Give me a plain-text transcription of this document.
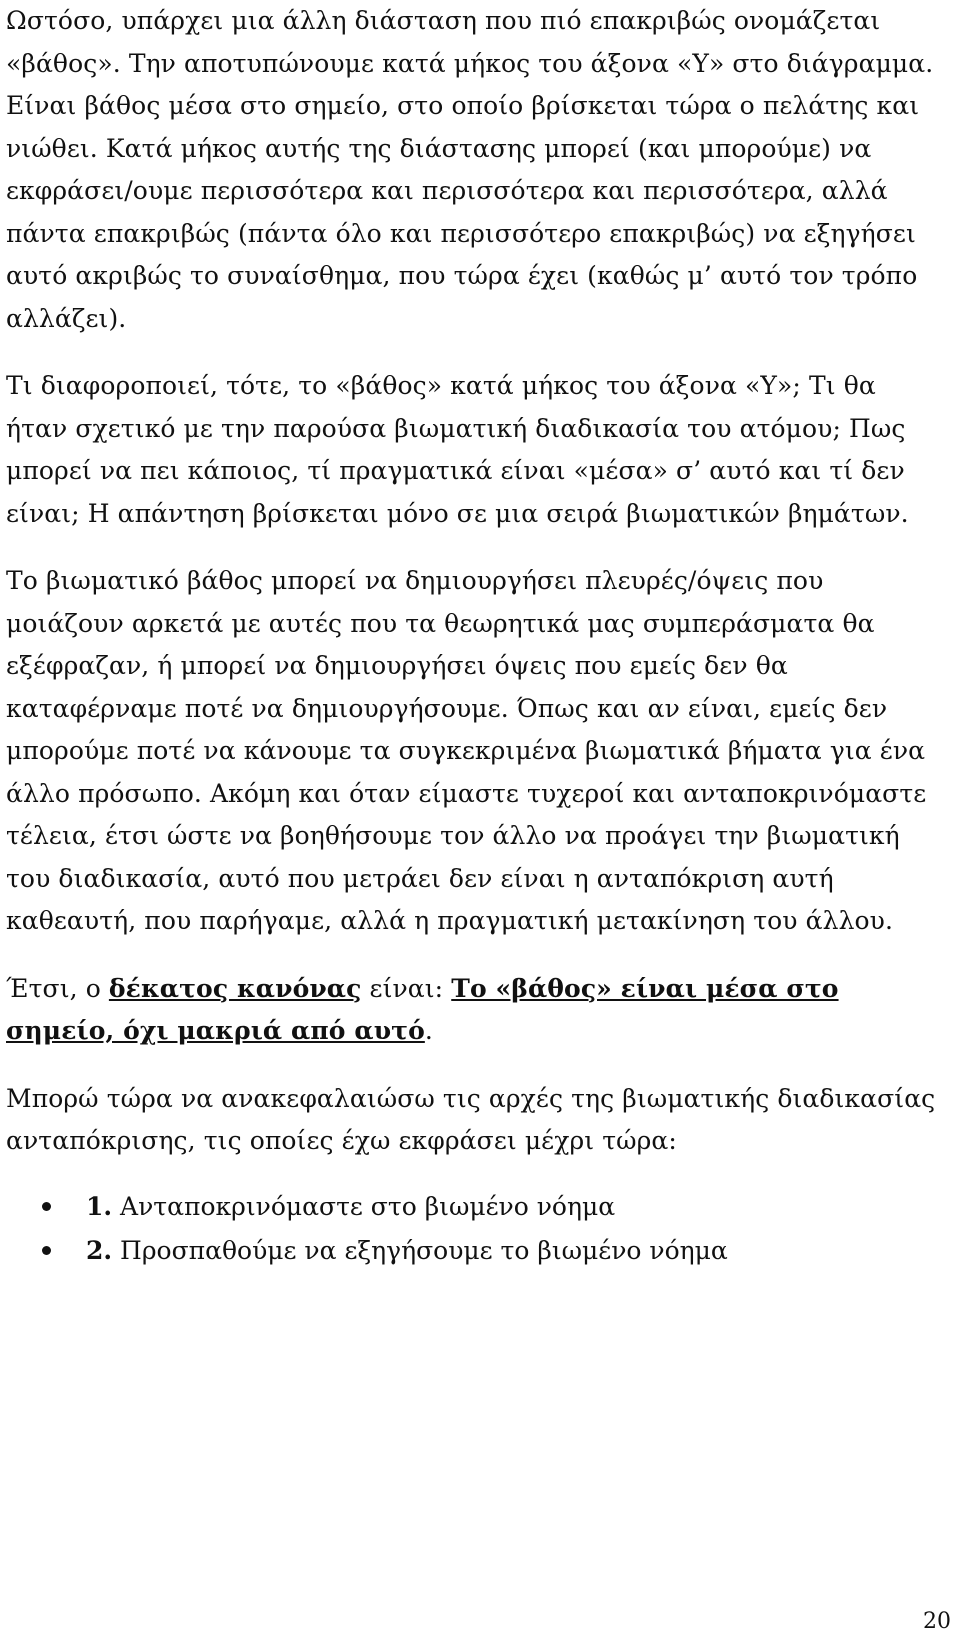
Ωστόσο, υπάρχει μια άλλη διάσταση που πιό επακριβώς ονομάζεται «βάθος». Την αποτυπώνουμε κατά μήκος του άξονα «Υ» στο διάγραμμα. Είναι βάθος μέσα στο σημείο, στο οποίο βρίσκεται τώρα ο πελάτης και νιώθει. Κατά μήκος αυτής της διάστασης μπορεί (και μπορούμε) να εκφράσει/ουμε περισσότερα και περισσότερα και περισσότερα, αλλά πάντα επακριβώς (πάντα όλο και περισσότερο επακριβώς) να εξηγήσει αυτό ακριβώς το συναίσθημα, που τώρα έχει (καθώς μ’ αυτό τον τρόπο αλλάζει).

Τι διαφοροποιεί, τότε, το «βάθος» κατά μήκος του άξονα «Υ»; Τι θα ήταν σχετικό με την παρούσα βιωματική διαδικασία του ατόμου; Πως μπορεί να πει κάποιος, τί πραγματικά είναι «μέσα» σ’ αυτό και τί δεν είναι; Η απάντηση βρίσκεται μόνο σε μια σειρά βιωματικών βημάτων.

Το βιωματικό βάθος μπορεί να δημιουργήσει πλευρές/όψεις που μοιάζουν αρκετά με αυτές που τα θεωρητικά μας συμπεράσματα θα εξέφραζαν, ή μπορεί να δημιουργήσει όψεις που εμείς δεν θα καταφέρναμε ποτέ να δημιουργήσουμε. Όπως και αν είναι, εμείς δεν μπορούμε ποτέ να κάνουμε τα συγκεκριμένα βιωματικά βήματα για ένα άλλο πρόσωπο. Ακόμη και όταν είμαστε τυχεροί και ανταποκρινόμαστε τέλεια, έτσι ώστε να βοηθήσουμε τον άλλο να προάγει την βιωματική του διαδικασία, αυτό που μετράει δεν είναι η ανταπόκριση αυτή καθεαυτή, που παρήγαμε, αλλά η πραγματική μετακίνηση του άλλου.

Έτσι, ο δέκατος κανόνας είναι: Το «βάθος» είναι μέσα στο σημείο, όχι μακριά από αυτό.

Μπορώ τώρα να ανακεφαλαιώσω τις αρχές της βιωματικής διαδικασίας ανταπόκρισης, τις οποίες έχω εκφράσει μέχρι τώρα:

1. Ανταποκρινόμαστε στο βιωμένο νόημα
2. Προσπαθούμε να εξηγήσουμε το βιωμένο νόημα
20
